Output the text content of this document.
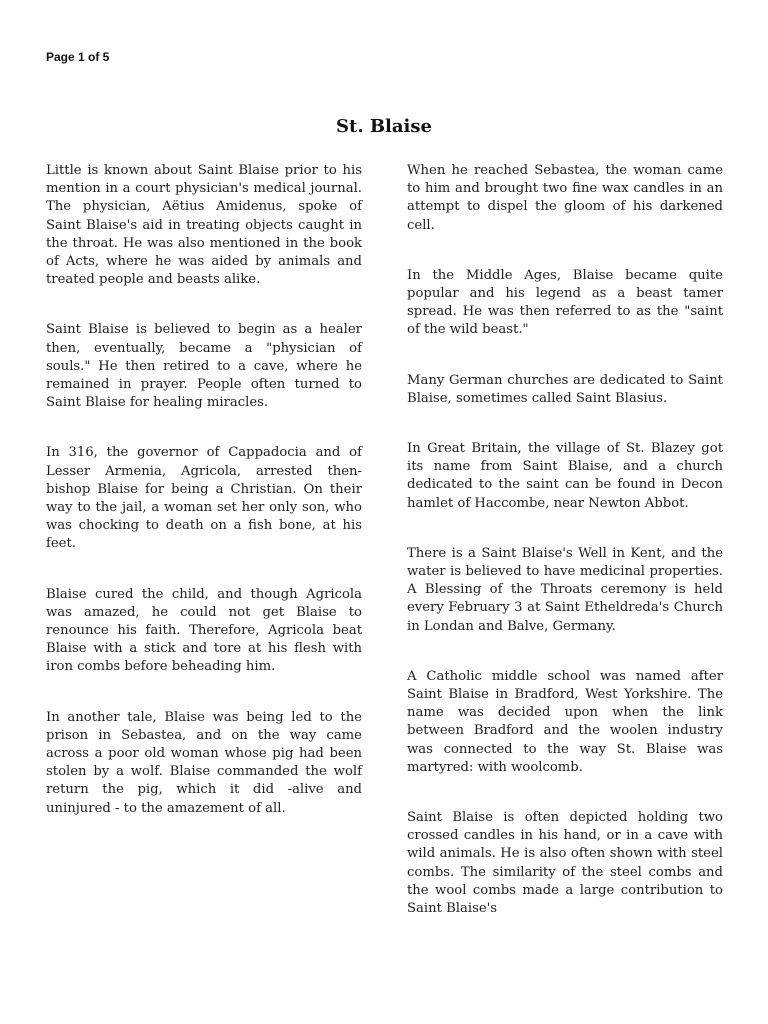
Page 1 of 5
St. Blaise

Little is known about Saint Blaise prior to his mention in a court physician's medical journal. The physician, Aëtius Amidenus, spoke of Saint Blaise's aid in treating objects caught in the throat. He was also mentioned in the book of Acts, where he was aided by animals and treated people and beasts alike.

Saint Blaise is believed to begin as a healer then, eventually, became a "physician of souls." He then retired to a cave, where he remained in prayer. People often turned to Saint Blaise for healing miracles.

In 316, the governor of Cappadocia and of Lesser Armenia, Agricola, arrested then-bishop Blaise for being a Christian. On their way to the jail, a woman set her only son, who was chocking to death on a fish bone, at his feet.

Blaise cured the child, and though Agricola was amazed, he could not get Blaise to renounce his faith. Therefore, Agricola beat Blaise with a stick and tore at his flesh with iron combs before beheading him.

In another tale, Blaise was being led to the prison in Sebastea, and on the way came across a poor old woman whose pig had been stolen by a wolf. Blaise commanded the wolf return the pig, which it did -alive and uninjured - to the amazement of all.

When he reached Sebastea, the woman came to him and brought two fine wax candles in an attempt to dispel the gloom of his darkened cell.

In the Middle Ages, Blaise became quite popular and his legend as a beast tamer spread. He was then referred to as the "saint of the wild beast."

Many German churches are dedicated to Saint Blaise, sometimes called Saint Blasius.

In Great Britain, the village of St. Blazey got its name from Saint Blaise, and a church dedicated to the saint can be found in Decon hamlet of Haccombe, near Newton Abbot.

There is a Saint Blaise's Well in Kent, and the water is believed to have medicinal properties. A Blessing of the Throats ceremony is held every February 3 at Saint Etheldreda's Church in Londan and Balve, Germany.

A Catholic middle school was named after Saint Blaise in Bradford, West Yorkshire. The name was decided upon when the link between Bradford and the woolen industry was connected to the way St. Blaise was martyred: with woolcomb.

Saint Blaise is often depicted holding two crossed candles in his hand, or in a cave with wild animals. He is also often shown with steel combs. The similarity of the steel combs and the wool combs made a large contribution to Saint Blaise's
